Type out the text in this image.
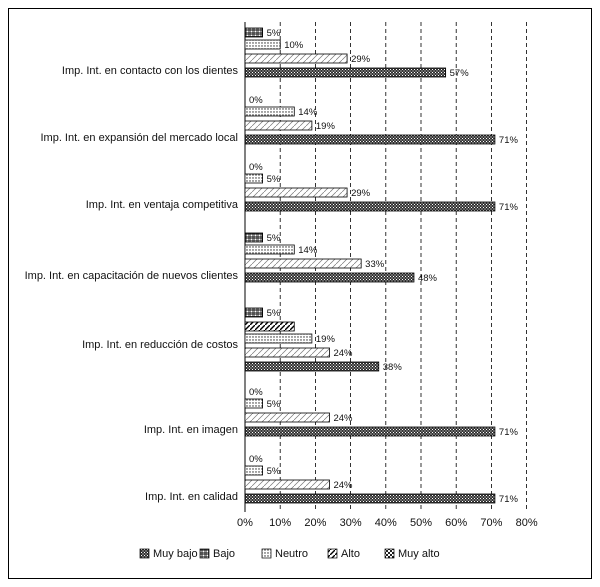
Imp. Int. en contacto con los dientes
Imp. Int. en expansión del mercado local
Imp. Int. en ventaja competitiva
Imp. Int. en capacitación de nuevos clientes
Imp. Int. en reducción de costos
Imp. Int. en imagen
Imp. Int. en calidad
5%
0%
0%
5%
5%
0%
0%
10%
14%
5%
14%
19%
5%
5%
29%
19%
29%
33%
24%
24%
24%
57%
71%
71%
48%
38%
71%
71%
0% 10% 20% 30% 40% 50% 60% 70% 80%
Muy bajo Bajo	Neutro	Alto	Muy alto
